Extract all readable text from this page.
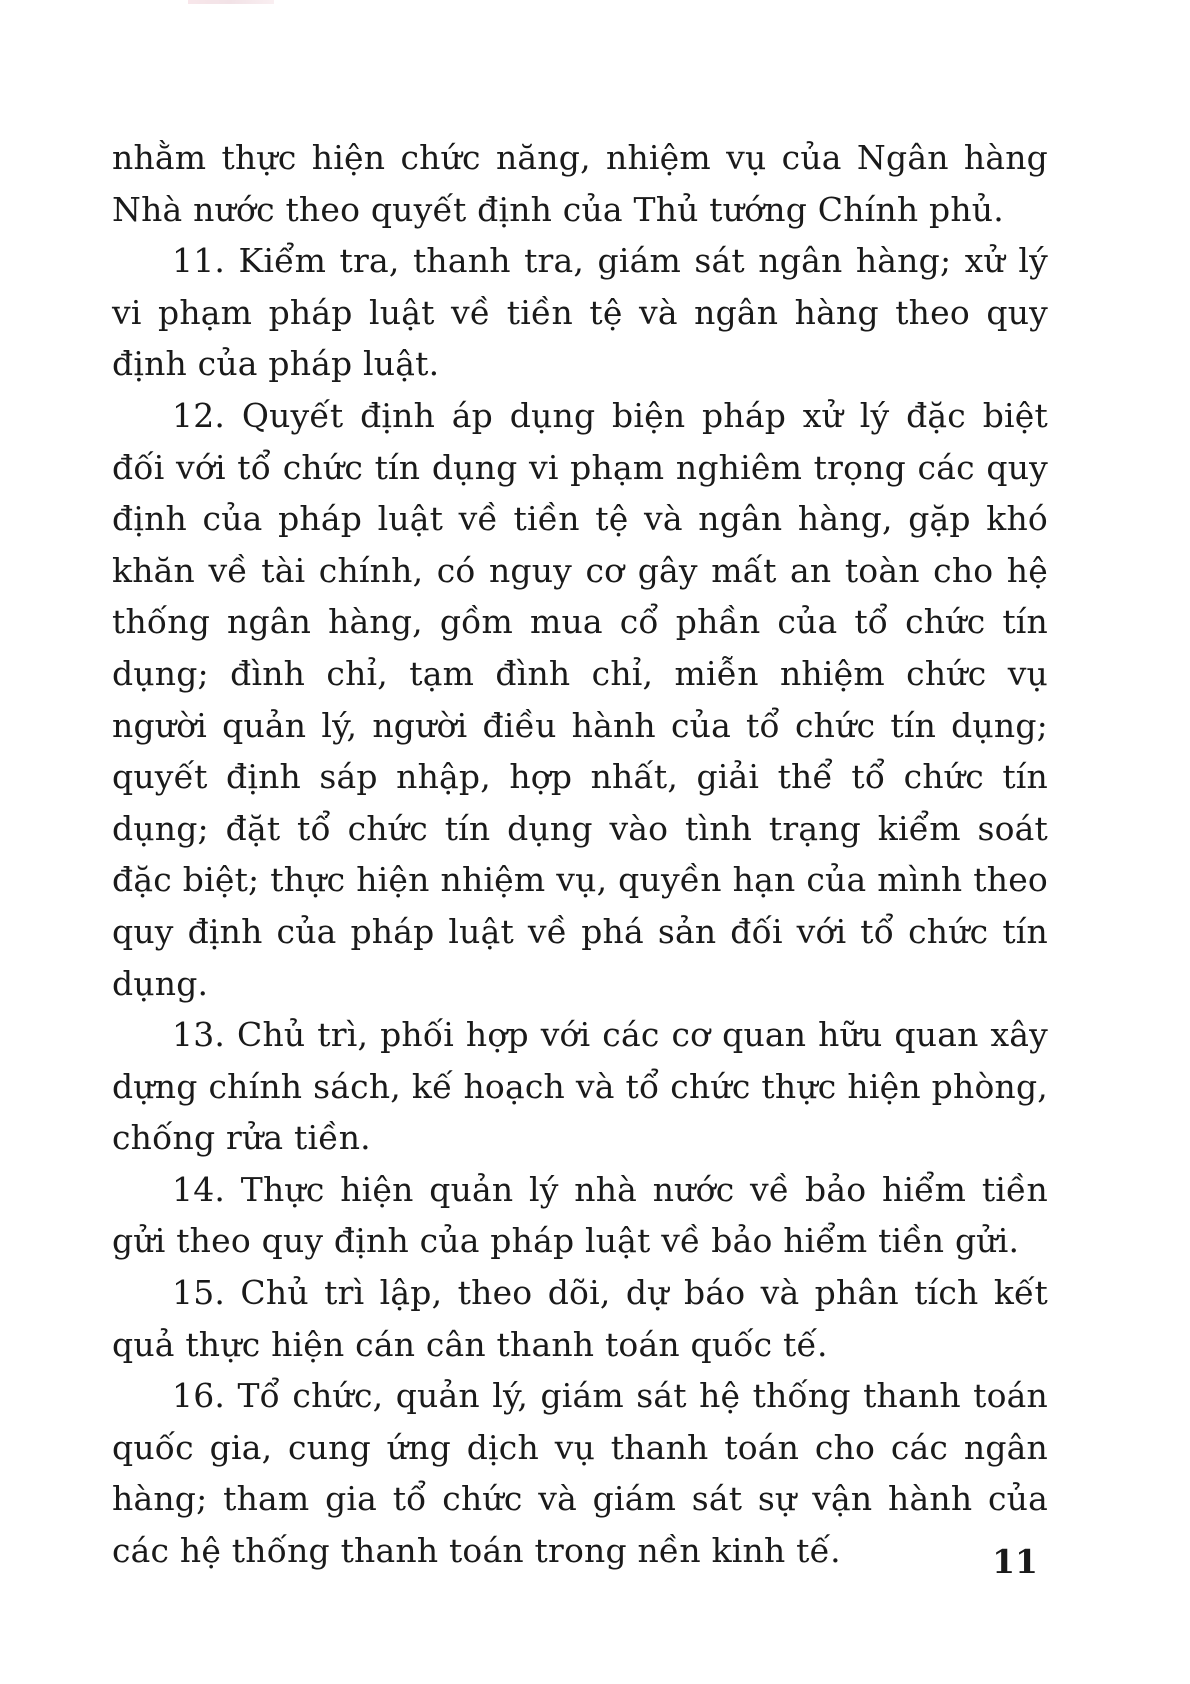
nhằm thực hiện chức năng, nhiệm vụ của Ngân hàng Nhà nước theo quyết định của Thủ tướng Chính phủ.

11. Kiểm tra, thanh tra, giám sát ngân hàng; xử lý vi phạm pháp luật về tiền tệ và ngân hàng theo quy định của pháp luật.

12. Quyết định áp dụng biện pháp xử lý đặc biệt đối với tổ chức tín dụng vi phạm nghiêm trọng các quy định của pháp luật về tiền tệ và ngân hàng, gặp khó khăn về tài chính, có nguy cơ gây mất an toàn cho hệ thống ngân hàng, gồm mua cổ phần của tổ chức tín dụng; đình chỉ, tạm đình chỉ, miễn nhiệm chức vụ người quản lý, người điều hành của tổ chức tín dụng; quyết định sáp nhập, hợp nhất, giải thể tổ chức tín dụng; đặt tổ chức tín dụng vào tình trạng kiểm soát đặc biệt; thực hiện nhiệm vụ, quyền hạn của mình theo quy định của pháp luật về phá sản đối với tổ chức tín dụng.

13. Chủ trì, phối hợp với các cơ quan hữu quan xây dựng chính sách, kế hoạch và tổ chức thực hiện phòng, chống rửa tiền.

14. Thực hiện quản lý nhà nước về bảo hiểm tiền gửi theo quy định của pháp luật về bảo hiểm tiền gửi.

15. Chủ trì lập, theo dõi, dự báo và phân tích kết quả thực hiện cán cân thanh toán quốc tế.

16. Tổ chức, quản lý, giám sát hệ thống thanh toán quốc gia, cung ứng dịch vụ thanh toán cho các ngân hàng; tham gia tổ chức và giám sát sự vận hành của các hệ thống thanh toán trong nền kinh tế.	11
